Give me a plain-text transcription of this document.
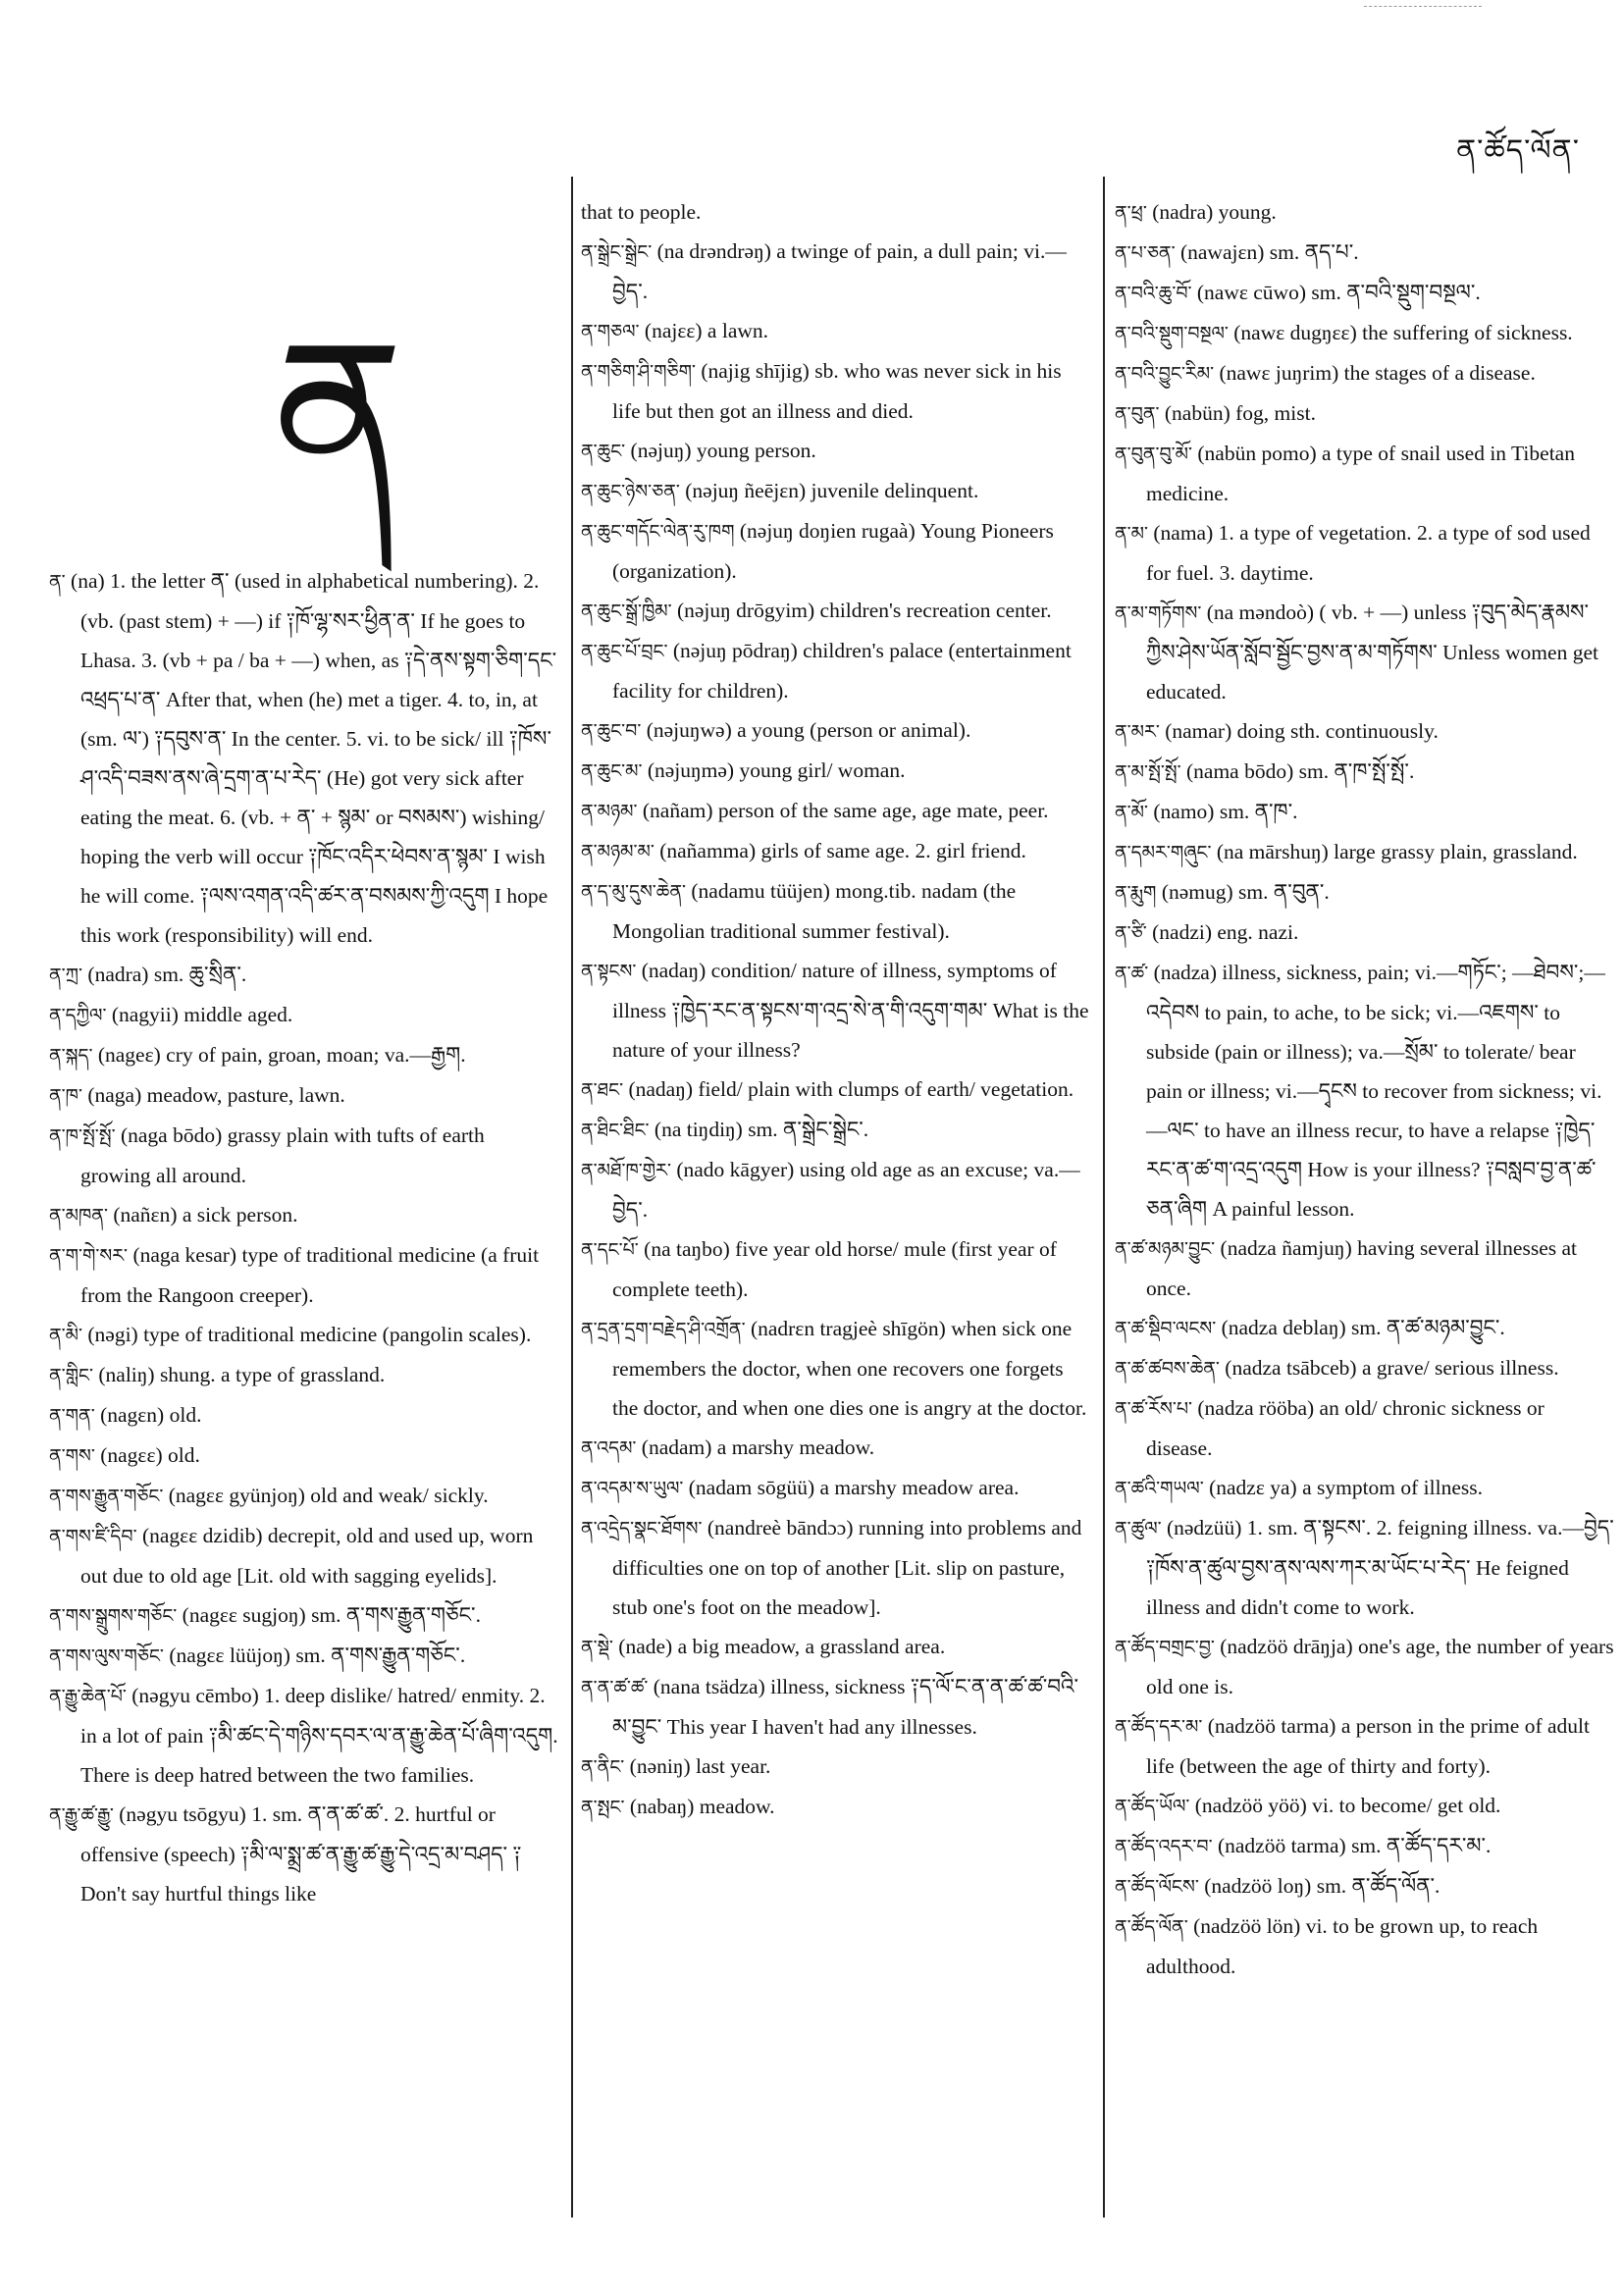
ན་ཚོད་ལོན་
ན

ན་ (na) 1. the letter ན་ (used in alphabetical numbering). 2. (vb. (past stem) + —) if ༑ཁོ་ལྷ་སར་ཕྱིན་ན་ If he goes to Lhasa. 3. (vb + pa / ba + —) when, as ༑དེ་ནས་སྟག་ཅིག་དང་འཕྲད་པ་ན་ After that, when (he) met a tiger. 4. to, in, at (sm. ལ་) ༑དབུས་ན་ In the center. 5. vi. to be sick/ ill ༑ཁོས་ཤ་འདི་བཟས་ནས་ཞེ་དྲག་ན་པ་རེད་ (He) got very sick after eating the meat. 6. (vb. + ན་ + སྙམ་ or བསམས་) wishing/ hoping the verb will occur ༑ཁོང་འདིར་ཕེབས་ན་སྙམ་ I wish he will come. ༑ལས་འགན་འདི་ཚར་ན་བསམས་ཀྱི་འདུག I hope this work (responsibility) will end.

ན་ཀྲ་ (nadra) sm. ཆུ་སྲིན་.

ན་དཀྱིལ་ (nagyii) middle aged.

ན་སྐད་ (nageɛ) cry of pain, groan, moan; va.—རྒྱག.

ན་ཁ་ (naga) meadow, pasture, lawn.

ན་ཁ་སྤོ་སྤོ་ (naga bōdo) grassy plain with tufts of earth growing all around.

ན་མཁན་ (nañɛn) a sick person.

ན་ག་གེ་སར་ (naga kesar) type of traditional medicine (a fruit from the Rangoon creeper).

ན་མི་ (nəgi) type of traditional medicine (pangolin scales).

ན་གླིང་ (naliŋ) shung. a type of grassland.

ན་གན་ (nagɛn) old.

ན་གས་ (nagɛɛ) old.

ན་གས་རྒྱུན་གཅོང་ (nagɛɛ gyünjoŋ) old and weak/ sickly.

ན་གས་ཛི་དིབ་ (nagɛɛ dzidib) decrepit, old and used up, worn out due to old age [Lit. old with sagging eyelids].

ན་གས་སྒྲུགས་གཅོང་ (nagɛɛ sugjoŋ) sm. ན་གས་རྒྱུན་གཅོང་.

ན་གས་ལུས་གཅོང་ (nagɛɛ lüüjoŋ) sm. ན་གས་རྒྱུན་གཅོང་.

ན་རྒྱུ་ཆེན་པོ་ (nəgyu cēmbo) 1. deep dislike/ hatred/ enmity. 2. in a lot of pain ༑མི་ཚང་དེ་གཉིས་དབར་ལ་ན་རྒྱུ་ཆེན་པོ་ཞིག་འདུག. There is deep hatred between the two families.

ན་རྒྱུ་ཚ་རྒྱུ་ (nəgyu tsōgyu) 1. sm. ན་ན་ཚ་ཚ་. 2. hurtful or offensive (speech) ༑མི་ལ་སྨྲ་ཚ་ན་རྒྱུ་ཚ་རྒྱུ་དེ་འདྲ་མ་བཤད་ ༑Don't say hurtful things like

that to people.

ན་སྒྲེང་སྒྲེང་ (na drəndrəŋ) a twinge of pain, a dull pain; vi.—བྱེད་.

ན་གཅལ་ (najɛɛ) a lawn.

ན་གཅིག་ཤི་གཅིག་ (najig shījig) sb. who was never sick in his life but then got an illness and died.

ན་ཆུང་ (nəjuŋ) young person.

ན་ཆུང་ཉེས་ཅན་ (nəjuŋ ñeējɛn) juvenile delinquent.

ན་ཆུང་གདོང་ལེན་རུ་ཁག (nəjuŋ doŋien rugaà) Young Pioneers (organization).

ན་ཆུང་སྒྲོ་ཁྱིམ་ (nəjuŋ drōgyim) children's recreation center.

ན་ཆུང་པོ་བྲང་ (nəjuŋ pōdraŋ) children's palace (entertainment facility for children).

ན་ཆུང་བ་ (nəjuŋwə) a young (person or animal).

ན་ཆུང་མ་ (nəjuŋmə) young girl/ woman.

ན་མཉམ་ (nañam) person of the same age, age mate, peer.

ན་མཉམ་མ་ (nañamma) girls of same age. 2. girl friend.

ན་ད་མུ་དུས་ཆེན་ (nadamu tüüjen) mong.tib. nadam (the Mongolian traditional summer festival).

ན་སྟངས་ (nadaŋ) condition/ nature of illness, symptoms of illness ༑ཁྱེད་རང་ན་སྟངས་ག་འདྲ་སེ་ན་གི་འདུག་གམ་ What is the nature of your illness?

ན་ཐང་ (nadaŋ) field/ plain with clumps of earth/ vegetation.

ན་ཐིང་ཐིང་ (na tiŋdiŋ) sm. ན་སྒྲེང་སྒྲེང་.

ན་མཐོ་ཁ་གྱེར་ (nado kāgyer) using old age as an excuse; va.—བྱེད་.

ན་དང་པོ་ (na taŋbo) five year old horse/ mule (first year of complete teeth).

ན་དྲན་དྲག་བརྗེད་ཤི་འགྲོན་ (nadrɛn tragjeè shīgön) when sick one remembers the doctor, when one recovers one forgets the doctor, and when one dies one is angry at the doctor.

ན་འདམ་ (nadam) a marshy meadow.

ན་འདམ་ས་ཡུལ་ (nadam sōgüü) a marshy meadow area.

ན་འདྲེད་སྣང་ཐོགས་ (nandreè bāndɔɔ) running into problems and difficulties one on top of another [Lit. slip on pasture, stub one's foot on the meadow].

ན་སྡེ་ (nade) a big meadow, a grassland area.

ན་ན་ཚ་ཚ་ (nana tsädza) illness, sickness ༑ད་ལོ་ང་ན་ན་ཚ་ཚ་བའི་མ་བྱུང་ This year I haven't had any illnesses.

ན་ནིང་ (nəniŋ) last year.

ན་སྤང་ (nabaŋ) meadow.

ན་ཕྲ་ (nadra) young.

ན་པ་ཅན་ (nawajɛn) sm. ནད་པ་.

ན་བའི་ཆུ་བོ་ (nawɛ cūwo) sm. ན་བའི་སྡུག་བསྔལ་.

ན་བའི་སྡུག་བསྔལ་ (nawɛ dugŋɛɛ) the suffering of sickness.

ན་བའི་བྱུང་རིམ་ (nawɛ juŋrim) the stages of a disease.

ན་བུན་ (nabün) fog, mist.

ན་བུན་བུ་མོ་ (nabün pomo) a type of snail used in Tibetan medicine.

ན་མ་ (nama) 1. a type of vegetation. 2. a type of sod used for fuel. 3. daytime.

ན་མ་གཏོགས་ (na məndoò) ( vb. + —) unless ༑བུད་མེད་རྣམས་ཀྱིས་ཤེས་ཡོན་སློབ་སྦྱོང་བྱས་ན་མ་གཏོགས་ Unless women get educated.

ན་མར་ (namar) doing sth. continuously.

ན་མ་སྤོ་སྤོ་ (nama bōdo) sm. ན་ཁ་སྤོ་སྤོ་.

ན་མོ་ (namo) sm. ན་ཁ་.

ན་དམར་གཞུང་ (na mārshuŋ) large grassy plain, grassland.

ན་རྨུག (nəmug) sm. ན་བུན་.

ན་ཙི་ (nadzi) eng. nazi.

ན་ཚ་ (nadza) illness, sickness, pain; vi.—གཏོང་; —ཐེབས་;—འདེབས to pain, to ache, to be sick; vi.—འཇགས་ to subside (pain or illness); va.—སྲོམ་ to tolerate/ bear pain or illness; vi.—དྭངས to recover from sickness; vi.—ལང་ to have an illness recur, to have a relapse ༑ཁྱེད་རང་ན་ཚ་ག་འདྲ་འདུག How is your illness? ༑བསླབ་བྱ་ན་ཚ་ཅན་ཞིག A painful lesson.

ན་ཚ་མཉམ་བྱུང་ (nadza ñamjuŋ) having several illnesses at once.

ན་ཚ་སྡིབ་ལངས་ (nadza deblaŋ) sm. ན་ཚ་མཉམ་བྱུང་.

ན་ཚ་ཚབས་ཆེན་ (nadza tsābceb) a grave/ serious illness.

ན་ཚ་རོས་པ་ (nadza rööba) an old/ chronic sickness or disease.

ན་ཚའི་གཡལ་ (nadzɛ ya) a symptom of illness.

ན་ཚུལ་ (nədzüü) 1. sm. ན་སྟངས་. 2. feigning illness. va.—བྱེད་ ༑ཁོས་ན་ཚུལ་བྱས་ནས་ལས་ཀར་མ་ཡོང་པ་རེད་ He feigned illness and didn't come to work.

ན་ཚོད་བགྲང་བྱ་ (nadzöö drāŋja) one's age, the number of years old one is.

ན་ཚོད་དར་མ་ (nadzöö tarma) a person in the prime of adult life (between the age of thirty and forty).

ན་ཚོད་ཡོལ་ (nadzöö yöö) vi. to become/ get old.

ན་ཚོད་འདར་བ་ (nadzöö tarma) sm. ན་ཚོད་དར་མ་.

ན་ཚོད་ལོངས་ (nadzöö loŋ) sm. ན་ཚོད་ལོན་.

ན་ཚོད་ལོན་ (nadzöö lön) vi. to be grown up, to reach adulthood.
